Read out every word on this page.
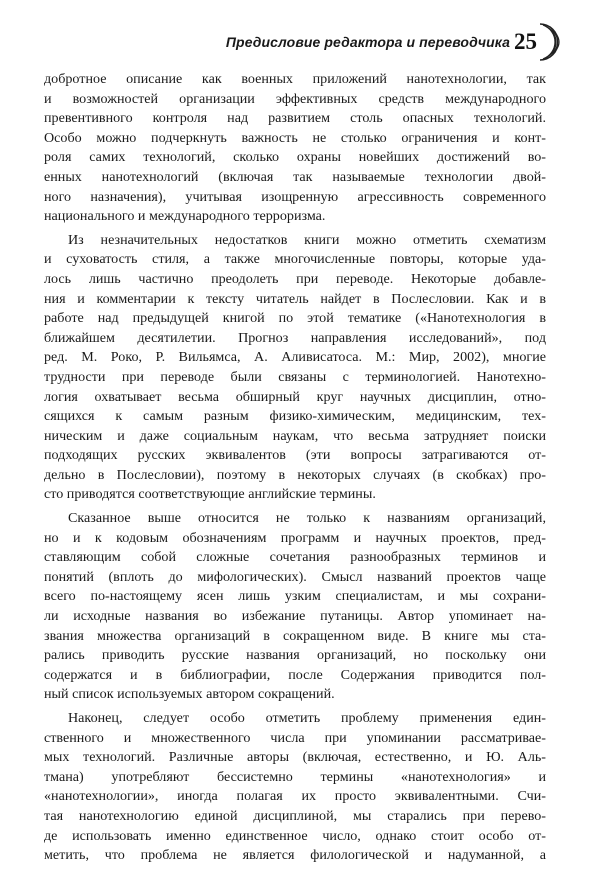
Предисловие редактора и переводчика 25

добротное описание как военных приложений нанотехнологии, так

и возможностей организации эффективных средств международного

превентивного контроля над развитием столь опасных технологий.

Особо можно подчеркнуть важность не столько ограничения и конт-

роля самих технологий, сколько охраны новейших достижений во-

енных нанотехнологий (включая так называемые технологии двой-

ного назначения), учитывая изощренную агрессивность современного

национального и международного терроризма.

Из незначительных недостатков книги можно отметить схематизм

и суховатость стиля, а также многочисленные повторы, которые уда-

лось лишь частично преодолеть при переводе. Некоторые добавле-

ния и комментарии к тексту читатель найдет в Послесловии. Как и в

работе над предыдущей книгой по этой тематике («Нанотехнология в

ближайшем десятилетии. Прогноз направления исследований», под

ред. М. Роко, Р. Вильямса, А. Аливисатоса. М.: Мир, 2002), многие

трудности при переводе были связаны с терминологией. Нанотехно-

логия охватывает весьма обширный круг научных дисциплин, отно-

сящихся к самым разным физико-химическим, медицинским, тех-

ническим и даже социальным наукам, что весьма затрудняет поиски

подходящих русских эквивалентов (эти вопросы затрагиваются от-

дельно в Послесловии), поэтому в некоторых случаях (в скобках) про-

сто приводятся соответствующие английские термины.

Сказанное выше относится не только к названиям организаций,

но и к кодовым обозначениям программ и научных проектов, пред-

ставляющим собой сложные сочетания разнообразных терминов и

понятий (вплоть до мифологических). Смысл названий проектов чаще

всего по-настоящему ясен лишь узким специалистам, и мы сохрани-

ли исходные названия во избежание путаницы. Автор упоминает на-

звания множества организаций в сокращенном виде. В книге мы ста-

рались приводить русские названия организаций, но поскольку они

содержатся и в библиографии, после Содержания приводится пол-

ный список используемых автором сокращений.

Наконец, следует особо отметить проблему применения един-

ственного и множественного числа при упоминании рассматривае-

мых технологий. Различные авторы (включая, естественно, и Ю. Аль-

тмана) употребляют бессистемно термины «нанотехнология» и

«нанотехнологии», иногда полагая их просто эквивалентными. Счи-

тая нанотехнологию единой дисциплиной, мы старались при перево-

де использовать именно единственное число, однако стоит особо от-

метить, что проблема не является филологической и надуманной, а
